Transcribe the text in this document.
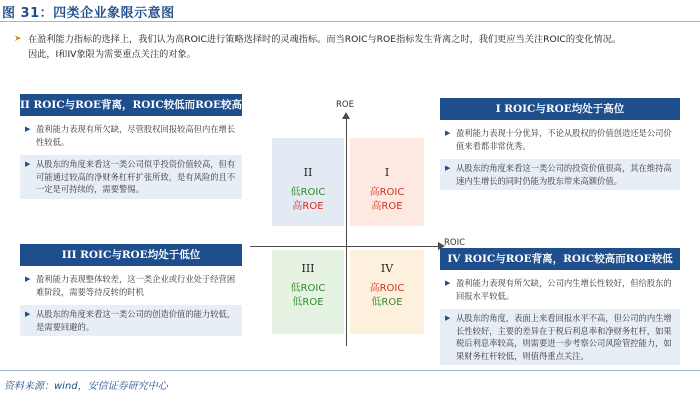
图 31：四类企业象限示意图
➤ 在盈利能力指标的选择上，我们认为高ROIC进行策略选择时的灵魂指标。而当ROIC与ROE指标发生背离之时，我们更应当关注ROIC的变化情况。

因此，I和IV象限为需要重点关注的对象。

II ROIC与ROE背离，ROIC较低而ROE较高
▶ 盈利能力表现有所欠缺，尽管股权回报较高但内在增长性较低。
▶ 从股东的角度来看这一类公司似乎投资价值较高，但有可能通过较高的净财务杠杆扩张所致，是有风险的且不一定是可持续的，需要警惕。
III ROIC与ROE均处于低位
▶ 盈利能力表现整体较差，这一类企业或行业处于经营困难阶段，需要等待反转的时机
▶ 从股东的角度来看这一类公司的创造价值的能力较低，是需要回避的。
I ROIC与ROE均处于高位
▶ 盈利能力表现十分优异，不论从股权的价值创造还是公司价值来看都非常优秀。
▶ 从股东的角度来看这一类公司的投资价值很高，其在维持高速内生增长的同时仍能为股东带来高额价值。
IV ROIC与ROE背离，ROIC较高而ROE较低
▶ 盈利能力表现有所欠缺，公司内生增长性较好，但给股东的回报水平较低。
▶ 从股东的角度，表面上来看回报水平不高，但公司的内生增长性较好，主要的差异在于税后利息率和净财务杠杆，如果税后利息率较高，则需要进一步考察公司风险管控能力，如果财务杠杆较低，则值得重点关注。
II
低ROIC
高ROE
I
高ROIC
高ROE
III
低ROIC
低ROE
IV
高ROIC
低ROE
ROE
ROIC
资料来源：wind，安信证券研究中心
